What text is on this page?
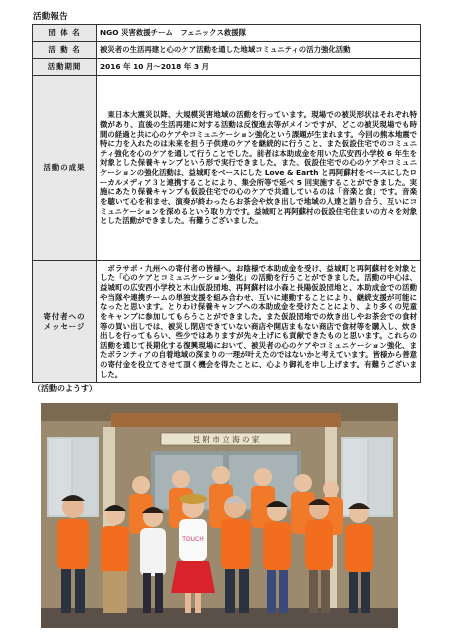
活動報告
団 体 名	NGO 災害救援チーム　フェニックス救援隊
活 動 名	被災者の生活再建と心のケア活動を通した地域コミュニティの活力強化活動
活動期間	2016 年 10 月〜2018 年 3 月
活動の成果	東日本大震災以降、大規模災害地域の活動を行っています。現場での被災形状はそれぞれ特徴があり、直後の生活再建に対する活動は反復進去等がメインですが、どこの被災現場でも時間の経過と共に心のケアやコミュニケーション強化という課題が生まれます。今回の熊本地震で特に力を入れたのは未来を担う子供達のケアを継続的に行うこと、また仮設住宅でのコミュニティ強化を心のケアを通して行うことでした。前者は本助成金を用いた広安西小学校 6 年生を対象とした保養キャンプという形で実行できました。また、仮設住宅での心のケアやコミュニケーションの強化活動は、益城町をベースにした Love & Earth と再阿蘇村をベースにしたローカルメディア３と連携することにより、集会所等で延べ 5 回実施することができました。実施にあたり保養キャンプも仮設住宅での心のケアで共通しているのは「音楽と食」です。音楽を聴いて心を和ませ、演奏が終わったらお茶会や炊き出しで地域の人達と語り合う、互いにコミュニケーションを深めるという取り方です。益城町と再阿蘇村の仮設住宅住まいの方々を対象とした活動ができました。有難うございました。
寄付者への
メッセージ	ボラサポ・九州への寄付者の皆様へ。お陰様で本助成金を受け、益城町と再阿蘇村を対象とした「心のケアとコミュニケーション強化」の活動を行うことができました。活動の中心は、益城町の広安西小学校と木山仮設団地、再阿蘇村は小森と長陽仮設団地と、本助成金での活動や当隊や連携チームの単独支援を組み合わせ、互いに連動することにより、継続支援が可能になったと思います。とりわけ保養キャンプへの本助成金を受けたことにより、より多くの児童をキャンプに参加してもらうことができました。また仮設団地での炊き出しやお茶会での食材等の買い出しでは、被災し閉店できていない商店や開店まもない商店で食材等を購入し、炊き出しを行ってもらい、些少ではありますが先々上げにも貢献できたものと思います。これらの活動を通じて長期化する復興現場において、被災者の心のケアやコミュニケーション強化、またボランティアの自着地域の深まりの一理が叶えたのではないかと考えています。皆様から善意の寄付金を役立てさせて頂く機会を得たことに、心より御礼を申し上げます。有難うございました。
（活動のようす）
見 附 市 立 海 の 家
TOUCH
